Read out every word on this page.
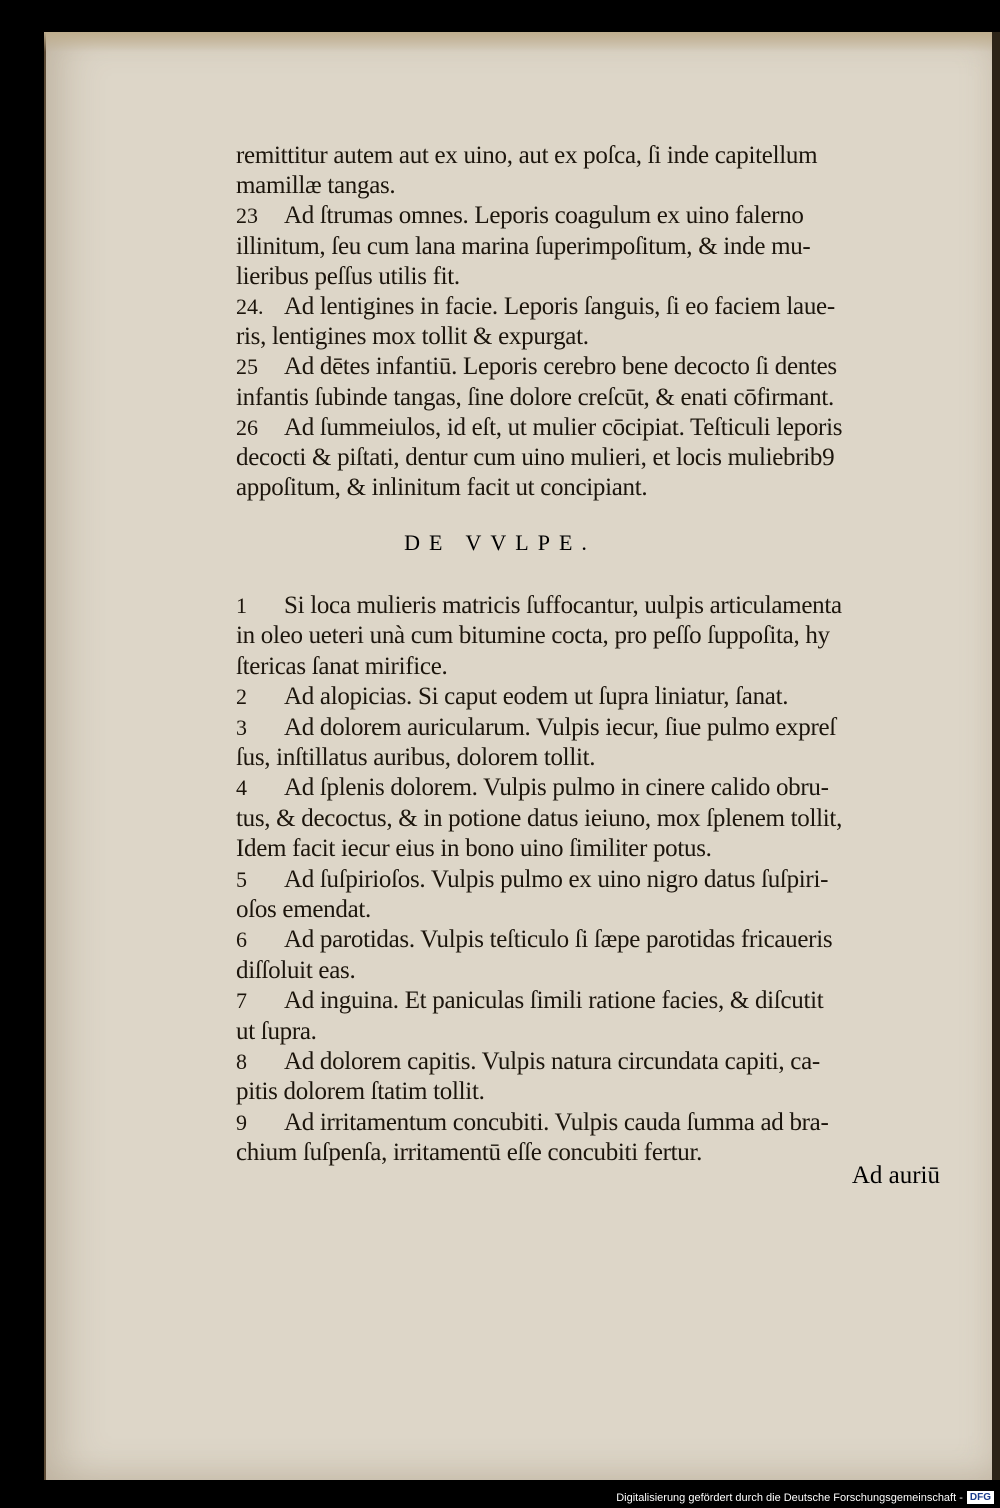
remittitur autem aut ex uino, aut ex poſca, ſi inde capitellum
mamillæ tangas.
23	Ad ſtrumas omnes. Leporis coagulum ex uino falerno
illinitum, ſeu cum lana marina ſuperimpoſitum, & inde mu-
lieribus peſſus utilis fit.
24. Ad lentigines in facie. Leporis ſanguis, ſi eo faciem laue-
ris, lentigines mox tollit & expurgat.
25	Ad dētes infantiū. Leporis cerebro bene decocto ſi dentes
infantis ſubinde tangas, ſine dolore creſcūt, & enati cōfirmant.
26	Ad ſummeiulos, id eſt, ut mulier cōcipiat. Teſticuli leporis
decocti & piſtati, dentur cum uino mulieri, et locis muliebrib9
appoſitum, & inlinitum facit ut concipiant.
1	Si loca mulieris matricis ſuffocantur, uulpis articulamenta
in oleo ueteri unà cum bitumine cocta, pro peſſo ſuppoſita, hy
ſtericas ſanat mirifice.
2	Ad alopicias. Si caput eodem ut ſupra liniatur, ſanat.
3	Ad dolorem auricularum. Vulpis iecur, ſiue pulmo expreſ
ſus, inſtillatus auribus, dolorem tollit.
4	Ad ſplenis dolorem. Vulpis pulmo in cinere calido obru-
tus, & decoctus, & in potione datus ieiuno, mox ſplenem tollit,
Idem facit iecur eius in bono uino ſimiliter potus.
5	Ad ſuſpirioſos. Vulpis pulmo ex uino nigro datus ſuſpiri-
oſos emendat.
6	Ad parotidas. Vulpis teſticulo ſi ſæpe parotidas fricaueris
diſſoluit eas.
7	Ad inguina. Et paniculas ſimili ratione facies, & diſcutit
ut ſupra.
8	Ad dolorem capitis. Vulpis natura circundata capiti, ca-
pitis dolorem ſtatim tollit.
9	Ad irritamentum concubiti. Vulpis cauda ſumma ad bra-
chium ſuſpenſa, irritamentū eſſe concubiti fertur.
DE VVLPE.
Ad auriū
Digitalisierung gefördert durch die Deutsche Forschungsgemeinschaft - DFG
